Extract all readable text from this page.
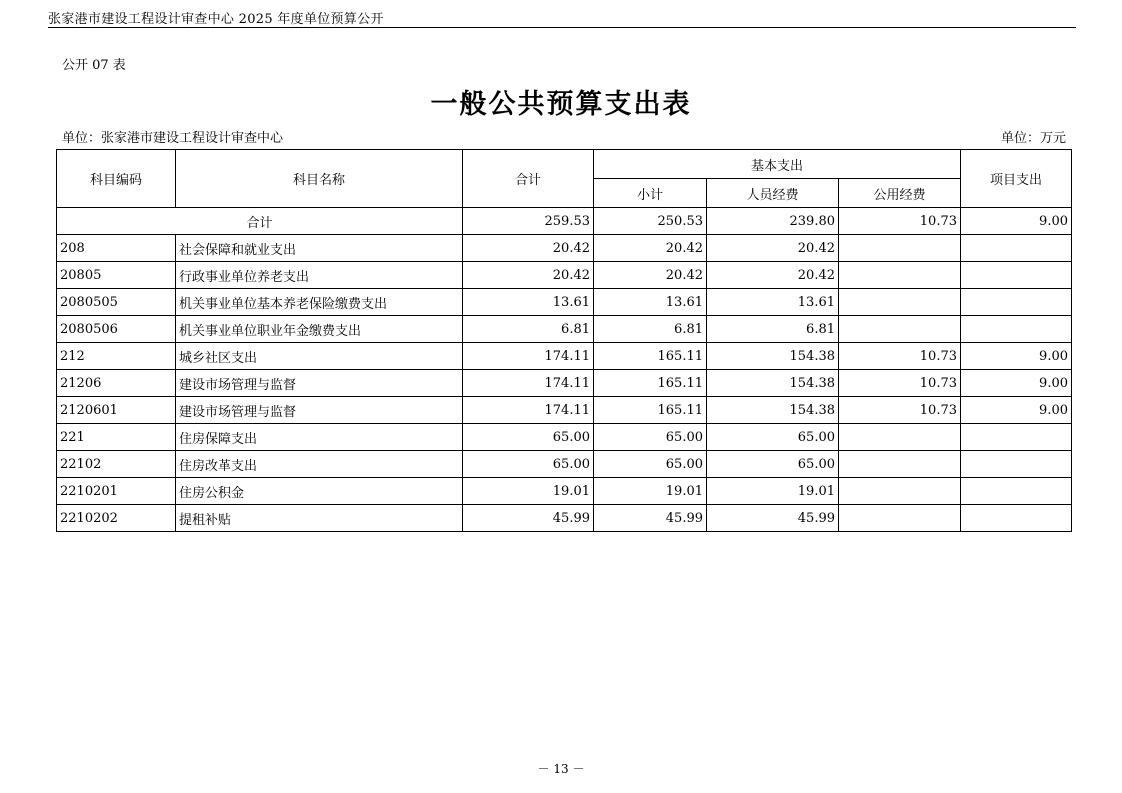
张家港市建设工程设计审查中心 2025 年度单位预算公开
公开 07 表
一般公共预算支出表
单位：张家港市建设工程设计审查中心	单位：万元
科目编码	科目名称	合计	基本支出			项目支出
			小计	人员经费	公用经费	
合计		259.53	250.53	239.80	10.73	9.00
208	社会保障和就业支出	20.42	20.42	20.42		
20805	行政事业单位养老支出	20.42	20.42	20.42		
2080505	机关事业单位基本养老保险缴费支出	13.61	13.61	13.61		
2080506	机关事业单位职业年金缴费支出	6.81	6.81	6.81		
212	城乡社区支出	174.11	165.11	154.38	10.73	9.00
21206	建设市场管理与监督	174.11	165.11	154.38	10.73	9.00
2120601	建设市场管理与监督	174.11	165.11	154.38	10.73	9.00
221	住房保障支出	65.00	65.00	65.00		
22102	住房改革支出	65.00	65.00	65.00		
2210201	住房公积金	19.01	19.01	19.01		
2210202	提租补贴	45.99	45.99	45.99		
－ 13 －
